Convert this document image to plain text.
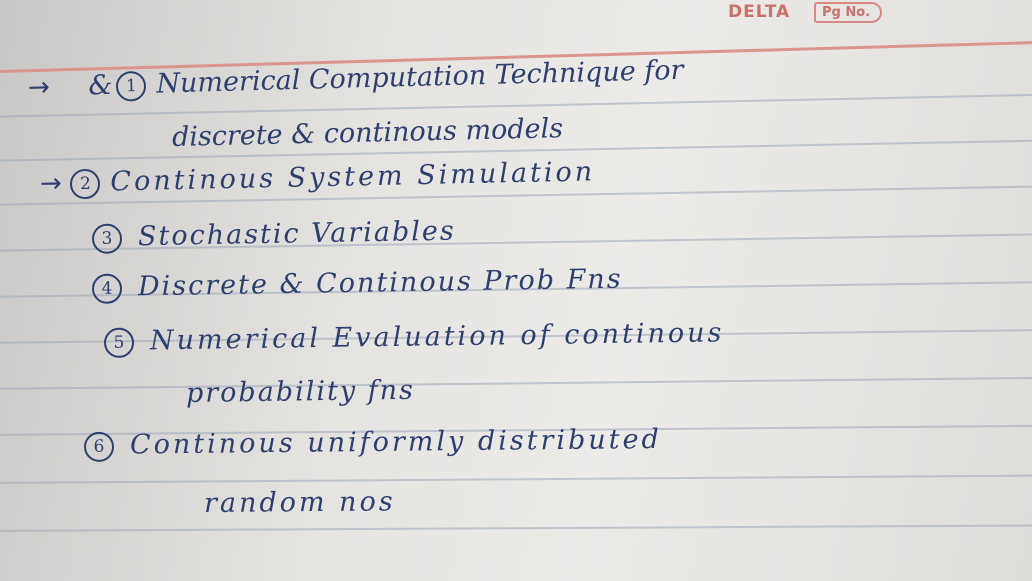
DELTA	Pg No.
→ & 1 Numerical Computation Technique for
discrete & continous models
→ 2 Continous System Simulation
3 Stochastic Variables
4 Discrete & Continous Prob Fns
5 Numerical Evaluation of continous
probability fns
6 Continous uniformly distributed
random nos
